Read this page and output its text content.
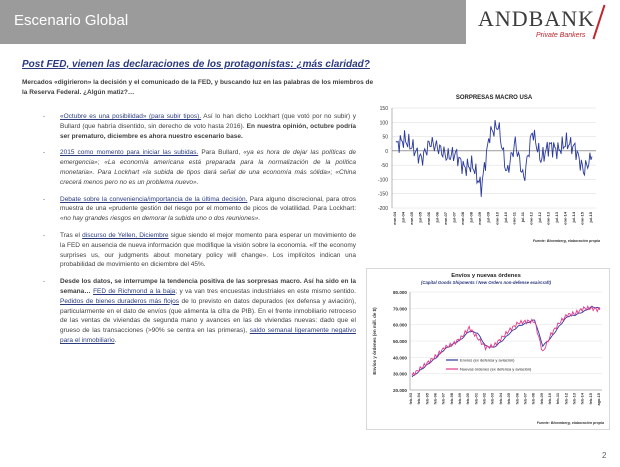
Escenario Global	ANDBANK
Private Bankers
Post FED, vienen las declaraciones de los protagonistas: ¿más claridad?
Mercados «digirieron» la decisión y el comunicado de la FED, y buscando luz en las palabras de los miembros de la Reserva Federal. ¿Algún matiz?…
- «Octubre es una posibilidad» (para subir tipos). Así lo han dicho Lockhart (que votó por no subir) y Bullard (que habría disentido, sin derecho de voto hasta 2016). En nuestra opinión, octubre podría ser prematuro, diciembre es ahora nuestro escenario base.
- 2015 como momento para iniciar las subidas. Para Bullard, «ya es hora de dejar las políticas de emergencia»; «La economía americana está preparada para la normalización de la política monetaria». Para Lockhart «la subida de tipos dará señal de una economía más sólida»; «China crecerá menos pero no es un problema nuevo».
- Debate sobre la conveniencia/importancia de la última decisión. Para alguno discrecional, para otros muestra de una «prudente gestión del riesgo por el momento de picos de volatilidad. Para Lockhart: «no hay grandes riesgos en demorar la subida uno o dos reuniones».
- Tras el discurso de Yellen, Diciembre sigue siendo el mejor momento para esperar un movimiento de la FED en ausencia de nueva información que modifique la visión sobre la economía. «If the economy surprises us, our judgments about monetary policy will change». Los implícitos indican una probabilidad de movimiento en diciembre del 45%.
- Desde los datos, se interrumpe la tendencia positiva de las sorpresas macro. Así ha sido en la semana… FED de Richmond a la baja; y va van tres encuestas industriales en este mismo sentido. Pedidos de bienes duraderos más flojos de lo previsto en datos depurados (ex defensa y aviación), particularmente en el dato de envíos (que alimenta la cifra de PIB). En el frente inmobiliario retroceso de las ventas de viviendas de segunda mano y avances en las de viviendas nuevas: dado que el grueso de las transacciones (>90% se centra en las primeras), saldo semanal ligeramente negativo para el inmobiliario.
SORPRESAS MACRO USA
150
100
50
0
-50
-100
-150
-200
ene-04 jul-04 ene-05 jul-05 ene-06 jul-06 ene-07 jul-07 ene-08 jul-08 ene-09 jul-09 ene-10 jul-10 ene-11 jul-11 ene-12 jul-12 ene-13 jul-13 ene-14 jul-14 ene-15 jul-15
Fuente: Bloomberg, elaboración propia
Envíos y nuevas órdenes
(Capital Goods Shipments / New Orders non-defense exaircraft)
Envíos y órdenes (en mill. de $)
80.000
70.000
60.000
50.000
40.000
30.000
20.000
feb-93 feb-94 feb-95 feb-96 feb-97 feb-98 feb-99 feb-00 feb-01 feb-02 feb-03 feb-04 feb-05 feb-06 feb-07 feb-08 feb-09 feb-10 feb-11 feb-12 feb-13 feb-14 feb-15 ago-15
Envíos (ex defensa y aviación)
Nuevas órdenes (ex defensa y aviación)
Fuente: Bloomberg, elaboración propia
2
